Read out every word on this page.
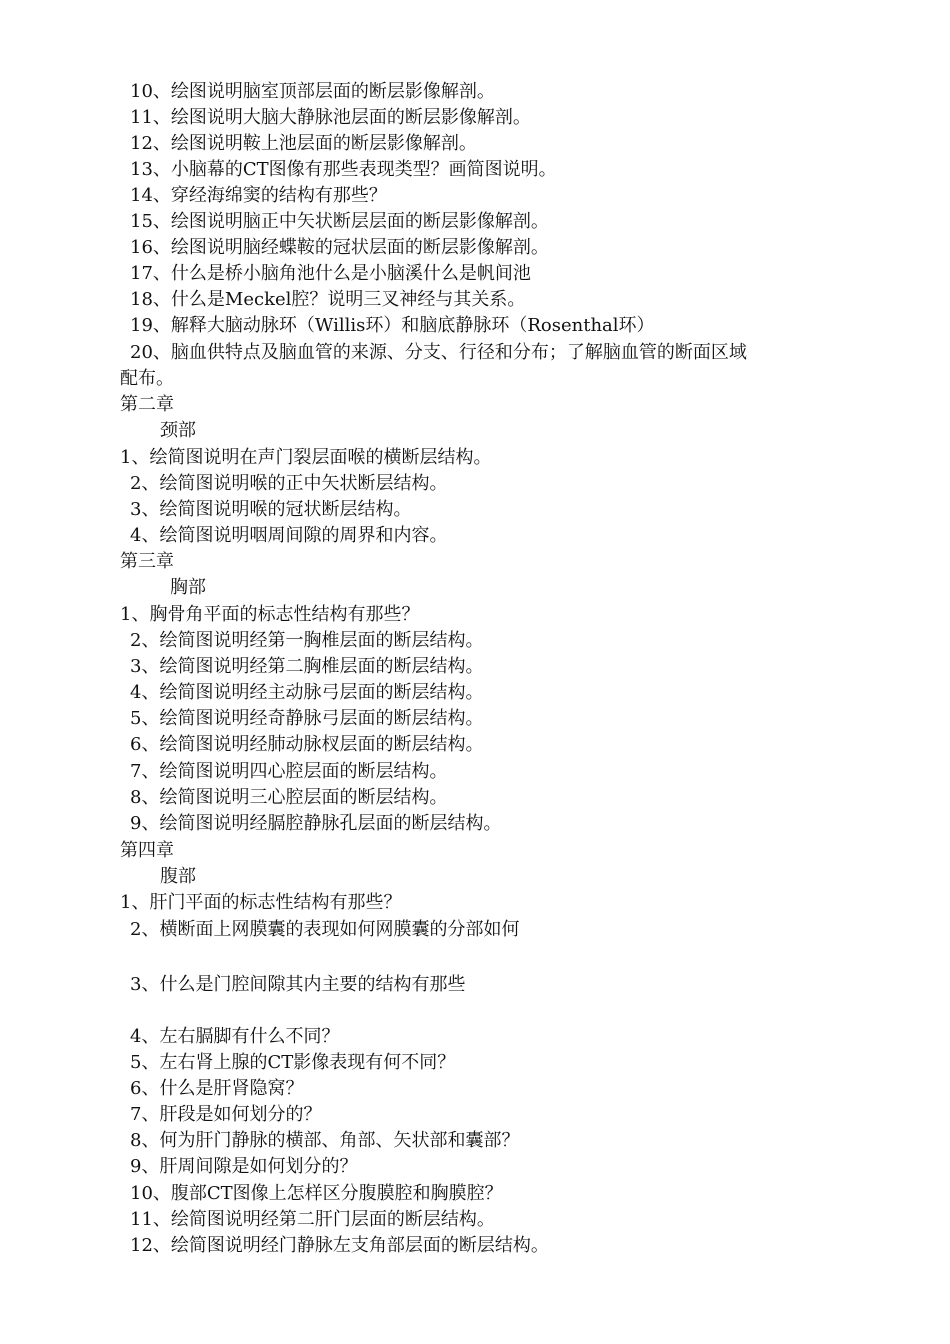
10、绘图说明脑室顶部层面的断层影像解剖。
11、绘图说明大脑大静脉池层面的断层影像解剖。
12、绘图说明鞍上池层面的断层影像解剖。
13、小脑幕的CT图像有那些表现类型？画简图说明。
14、穿经海绵窦的结构有那些？
15、绘图说明脑正中矢状断层层面的断层影像解剖。
16、绘图说明脑经蝶鞍的冠状层面的断层影像解剖。
17、什么是桥小脑角池什么是小脑溪什么是帆间池
18、什么是Meckel腔？说明三叉神经与其关系。
19、解释大脑动脉环（Willis环）和脑底静脉环（Rosenthal环）
20、脑血供特点及脑血管的来源、分支、行径和分布；了解脑血管的断面区域
配布。
第二章
颈部
1、绘简图说明在声门裂层面喉的横断层结构。
2、绘简图说明喉的正中矢状断层结构。
3、绘简图说明喉的冠状断层结构。
4、绘简图说明咽周间隙的周界和内容。
第三章
胸部
1、胸骨角平面的标志性结构有那些？
2、绘简图说明经第一胸椎层面的断层结构。
3、绘简图说明经第二胸椎层面的断层结构。
4、绘简图说明经主动脉弓层面的断层结构。
5、绘简图说明经奇静脉弓层面的断层结构。
6、绘简图说明经肺动脉杈层面的断层结构。
7、绘简图说明四心腔层面的断层结构。
8、绘简图说明三心腔层面的断层结构。
9、绘简图说明经膈腔静脉孔层面的断层结构。
第四章
腹部
1、肝门平面的标志性结构有那些？
2、横断面上网膜囊的表现如何网膜囊的分部如何
3、什么是门腔间隙其内主要的结构有那些
4、左右膈脚有什么不同？
5、左右肾上腺的CT影像表现有何不同？
6、什么是肝肾隐窝？
7、肝段是如何划分的？
8、何为肝门静脉的横部、角部、矢状部和囊部？
9、肝周间隙是如何划分的？
10、腹部CT图像上怎样区分腹膜腔和胸膜腔？
11、绘简图说明经第二肝门层面的断层结构。
12、绘简图说明经门静脉左支角部层面的断层结构。
